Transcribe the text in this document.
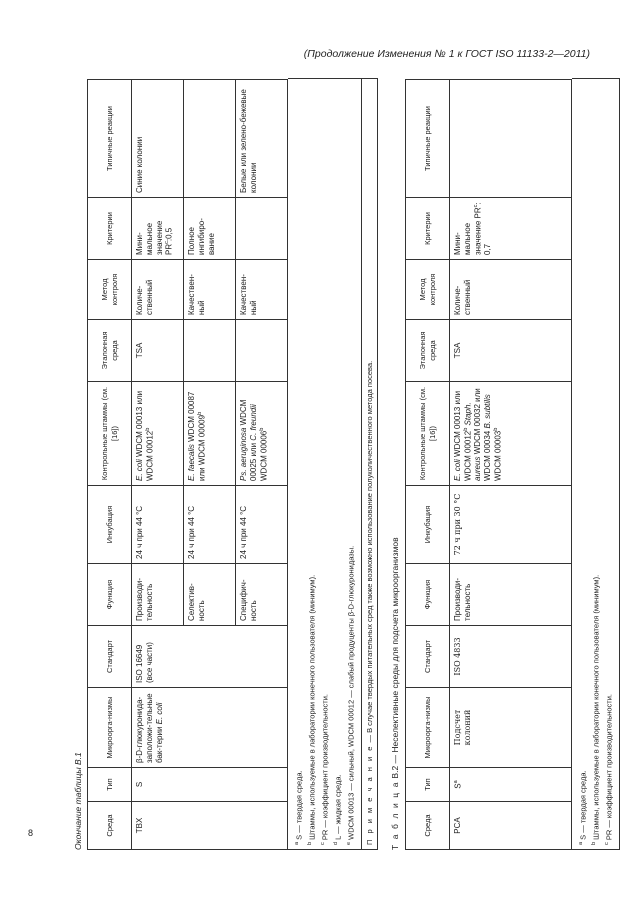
(Продолжение Изменения № 1 к ГОСТ ISO 11133-2—2011)
Окончание таблицы В.1	Среда	Тип	Микроорга-низмы	Стандарт	Функция	Инкубация	Контрольные штаммы (см. [16])	Эталонная среда	Метод контроля	Критерии	Типичные реакции
TBX	S	β-D-глюкуронида-заположи-тельные бак-терии E. coli	ISO 16649 (все части)	Производи-тельность	24 ч при 44 °С	E. coli WDCM 00013 или WDCM 00012$^b$	TSA	Количе-ственный	Мини-мальное значение $PR^c:0,5$	Синие колонии
				Селектив-ность	24 ч при 44 °С	E. faecalis WDCM 00087 или WDCM 00009$^b$		Качествен-ный	Полное ингибиро-вание	
				Специфич-ность	24 ч при 44 °С	Ps. aeruginosa WDCM 00025 или C. freundii WDCM 00006$^b$		Качествен-ный		Белые или зелено-бежевые колонии
$^a$ S — твердая среда.
$^b$ Штаммы, используемые в лаборатории конечного пользователя (минимум).
$^c$ PR — коэффициент производительности.
$^d$ L — жидкая среда.
$^e$ WDCM 00013 — сильный, WDCM 00012 — слабый продуценты β-D-глюкуронидазы.	П р и м е ч а н и е — В случае твердых питательных сред также возможно использование полуколичественного метода посева.
Т а б л и ц а В.2 — Неселективные среды для подсчета микроорганизмов
Среда	Тип	Микроорга-низмы	Стандарт	Функция	Инкубация	Контрольные штаммы (см. [16])	Эталонная среда	Метод контроля	Критерии	Типичные реакции
PCA	$S^a$	Подсчет колоний	ISO 4833	Производи-тельность	72 ч при 30 °С	E. coli WDCM 00013 или WDCM 00012$^b$ Staph. aureus WDCM 00032 или WDCM 00034 B. subtilis WDCM 00003$^b$	TSA	Количе-ственный	Мини-мальное значение $PR^c$: 0,7	
$^a$ S — твердая среда.
$^b$ Штаммы, используемые в лаборатории конечного пользователя (минимум).
$^c$ PR — коэффициент производительности.
8
